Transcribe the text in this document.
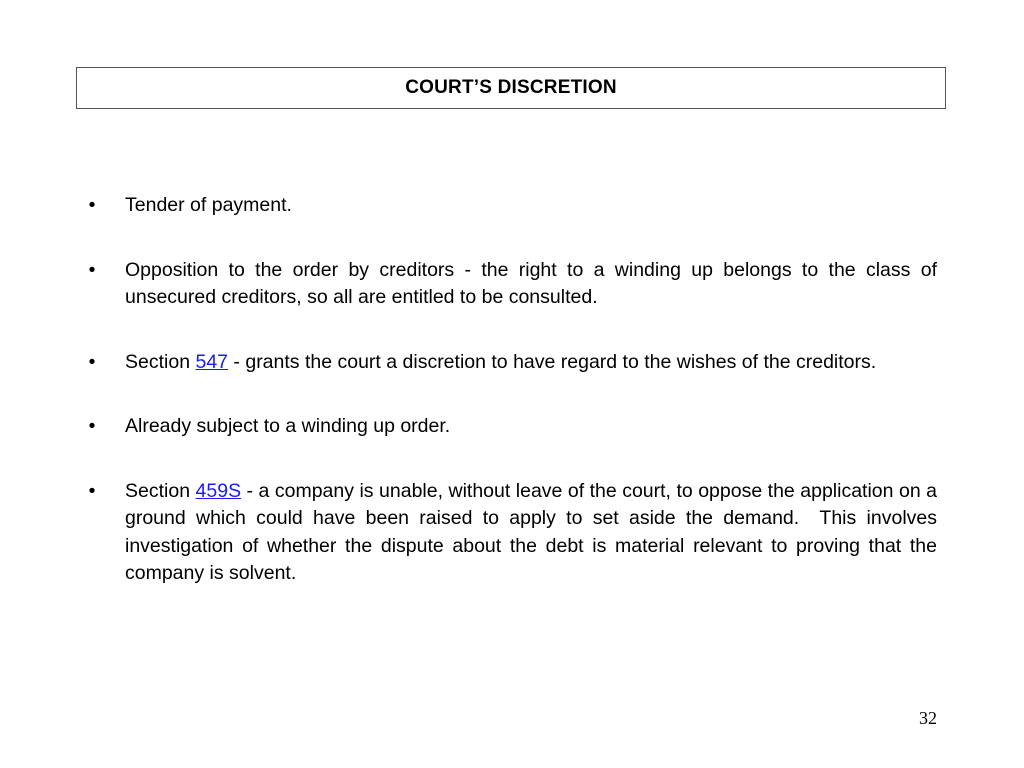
COURT’S DISCRETION
• Tender of payment.
• Opposition to the order by creditors - the right to a winding up belongs to the class of unsecured creditors, so all are entitled to be consulted.
• Section 547 - grants the court a discretion to have regard to the wishes of the creditors.
• Already subject to a winding up order.
• Section 459S - a company is unable, without leave of the court, to oppose the application on a ground which could have been raised to apply to set aside the demand.  This involves investigation of whether the dispute about the debt is material relevant to proving that the company is solvent.
32
